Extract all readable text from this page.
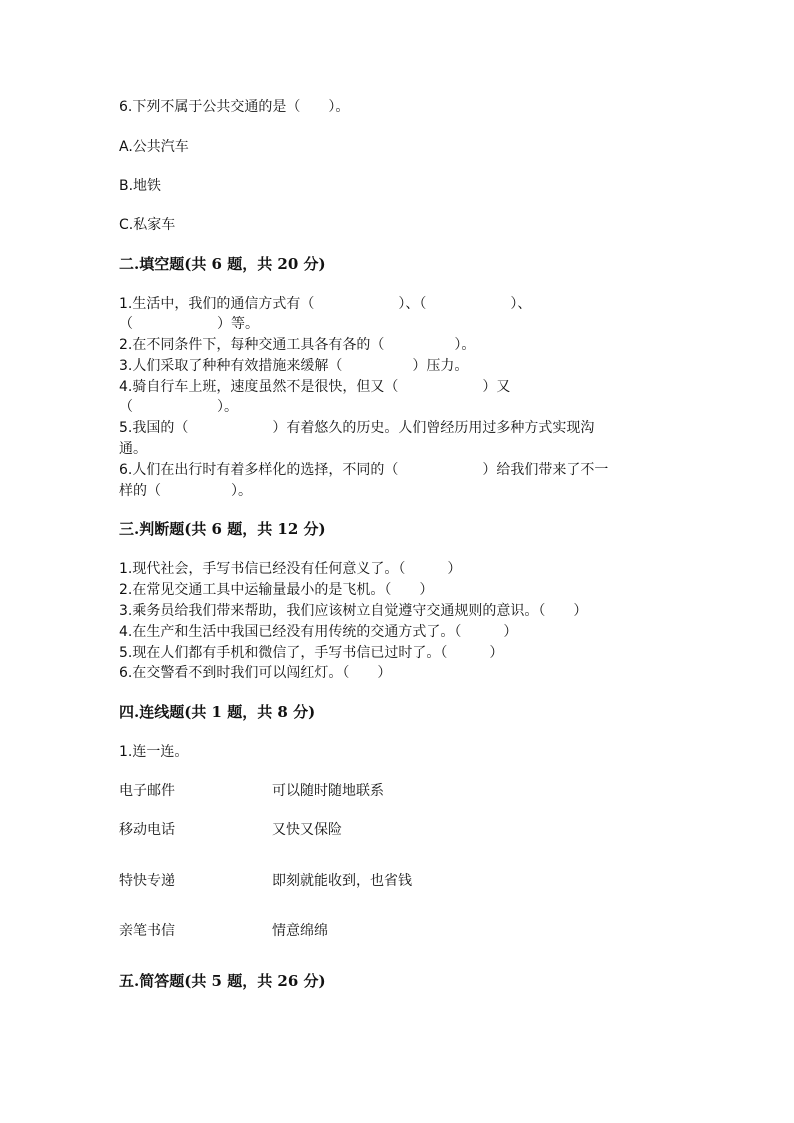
6.下列不属于公共交通的是（　　）。
A.公共汽车
B.地铁
C.私家车
二.填空题(共 6 题，共 20 分)
1.生活中，我们的通信方式有（　　　　　　）、（　　　　　　）、
（　　　　　　）等。
2.在不同条件下，每种交通工具各有各的（　　　　　）。
3.人们采取了种种有效措施来缓解（　　　　　）压力。
4.骑自行车上班，速度虽然不是很快，但又（　　　　　　）又
（　　　　　　）。
5.我国的（　　　　　　）有着悠久的历史。人们曾经历用过多种方式实现沟
通。
6.人们在出行时有着多样化的选择，不同的（　　　　　　）给我们带来了不一
样的（　　　　　）。
三.判断题(共 6 题，共 12 分)
1.现代社会，手写书信已经没有任何意义了。（　　　）
2.在常见交通工具中运输量最小的是飞机。（　　）
3.乘务员给我们带来帮助，我们应该树立自觉遵守交通规则的意识。（　　）
4.在生产和生活中我国已经没有用传统的交通方式了。（　　　）
5.现在人们都有手机和微信了，手写书信已过时了。（　　　）
6.在交警看不到时我们可以闯红灯。（　　）
四.连线题(共 1 题，共 8 分)
1.连一连。
电子邮件	可以随时随地联系
移动电话	又快又保险
特快专递	即刻就能收到，也省钱
亲笔书信	情意绵绵
五.简答题(共 5 题，共 26 分)
